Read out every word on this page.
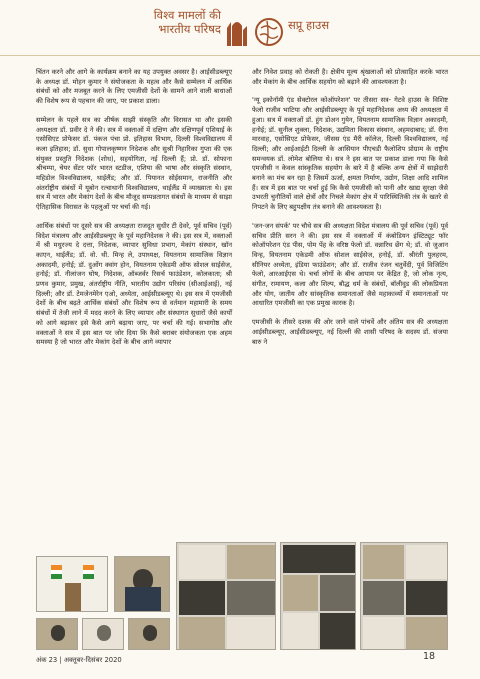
विश्व मामलों की
भारतीय परिषद	सप्रू हाउस

चिंतन करने और आगे के कार्यक्रम बनाने का यह उपयुक्त अवसर है। आईसीडब्ल्यूए के अध्यक्ष डॉ. मोहन कुमार ने संयोजकता के महत्व और कैसे सम्मेलन में आर्थिक संबंधों को और मजबूत करने के लिए एमजीसी देशों के सामने आने वाली बाधाओं की विशेष रूप से पहचान की जाए, पर प्रकाश डाला।

सम्मेलन के पहले सत्र का शीर्षक साझी संस्कृति और विरासत था और इसकी अध्यक्षता डॉ. प्रवीर दे ने की। सत्र में वक्ताओं में दक्षिण और दक्षिणपूर्व एशियाई के एसोसिएट प्रोफेसर डॉ. पंकज पंचा प्रो. इतिहास विभाग, दिल्ली विश्वविद्यालय में कला इतिहास; डॉ. सुधा गोपालकृष्णन निदेशक और सुश्री निहारिका गुप्ता की एक संयुक्त प्रस्तुति निदेशक (शोध), सहयोगिता, नई दिल्ली हैं; प्रो. डॉ. सोफाना श्रीचम्पा, चेयर सेंटर फॉर भारत स्टडीज, एशिया की भाषा और संस्कृति संस्थान, महिडोल विश्वविद्यालय, थाईलैंड; और डॉ. पियानत सोईसमान, राजनीति और अंतर्राष्ट्रीय संबंधों में यूबोन रत्चाथानी विश्वविद्यालय, थाईलैंड में व्याख्याता थे। इस सत्र में भारत और मेकांग देशों के बीच मौजूद सम्पन्नतागत संबंधों के माध्यम से साझा ऐतिहासिक विरासत के पहलुओं पर चर्चा की गई।

आर्थिक संबंधों पर दूसरे सत्र की अध्यक्षता राजदूत सुधीर टी देवरे, पूर्व सचिव (पूर्व) विदेश मंत्रालय और आईसीडब्ल्यूए के पूर्व महानिदेशक ने की। इस सत्र में, वक्ताओं में श्री मधुरज्य दे दत्ता, निदेशक, व्यापार सुविधा प्रभाग, मेकांग संस्थान, खॉन काएन, थाईलैंड; डॉ. वो. थी. मिन्ह ले, उपाध्यक्ष, वियतनाम सामाजिक विज्ञान अकादमी, हनोई; डॉ. दुओंग क्वांग होन, वियतनाम एकेडमी ऑफ सोशल साईसेज, हनोई; डॉ. नीलांजन घोष, निदेशक, ऑब्जर्वर रिसर्च फाउंडेशन, कोलकाता; श्री प्रणव कुमार, प्रमुख, अंतर्राष्ट्रीय नीति, भारतीय उद्योग परिसंघ (सीआईआई), नई दिल्ली; और डॉ. टेमजेनमेरेन एओ, अध्येता, आईसीडब्ल्यूए थे। इस सत्र में एमजीसी देशों के बीच बढ़ते आर्थिक संबंधों और विशेष रूप से वर्तमान महामारी के समय संबंधों में तेजी लाने में मदद करने के लिए व्यापार और संस्थागत सुधारों जैसे कार्यों को आगे बढ़ाकर इसे कैसे आगे बढ़ाया जाए, पर चर्चा की गई। सभागोष्ठ और वक्ताओं ने सत्र में इस बात पर जोर दिया कि कैसे बराबर संयोजकता एक अहम समस्या है जो भारत और मेकांग देशों के बीच आगे व्यापार

और निवेश प्रवाह को रोकती है। क्षेत्रीय मूल्य श्रृंखलाओं को प्रोत्साहित करके भारत और मेकांग के बीच आर्थिक सहयोग को बढ़ाने की आवश्यकता है।

'न्यू इकोनॉमी एंड सेक्टोरल कोऑपरेशन' पर तीसरा सत्र- गेटवे हाउस के विशिष्ट फेलो राजीव भाटिया और आईसीडब्ल्यूए के पूर्व महानिदेशक अध्य की अध्यक्षता में हुआ। सत्र में वक्ताओं डॉ. हुंग डोअन गुयेन, वियतनाम सामाजिक विज्ञान अकादमी, हनोई; डॉ. सुनील शुक्ला, निदेशक, उद्यमिता विकास संस्थान, अहमदाबाद; डॉ. रीना मारवाह, एसोसिएट प्रोफेसर, जीसस एंड मैरी कॉलेज, दिल्ली विश्वविद्यालय, नई दिल्ली; और आईआईटी दिल्ली के आसियान पीएचडी फैलोशिप प्रोग्राम के राष्ट्रीय समन्वयक डॉ. लोमेश बोलिया थे। सत्र ने इस बात पर प्रकाश डाला गया कि कैसे एमजीसी न केवल सांस्कृतिक सहयोग के बारे में है बल्कि अन्य क्षेत्रों में साझेदारी बनाने का मंच बन रहा है जिसमें ऊर्जा, क्षमता निर्माण, उद्योग, शिक्षा आदि शामिल हैं। सत्र में इस बात पर चर्चा हुई कि कैसे एमजीसी को पानी और खाद्य सुरक्षा जैसे उभरती चुनौतियों वाले क्षेत्रों और निचले मेकांग क्षेत्र में पारिस्थितिकी तंत्र के खतरे से निपटने के लिए बहुपक्षीय तंत्र बनाने की आवश्यकता है।

'जन-जन संपर्क' पर चौथे सत्र की अध्यक्षता विदेश मंत्रालय की पूर्व सचिव (पूर्व) पूर्व सचिव प्रीति सरन ने की। इस सत्र में वक्ताओं में कंबोडियन इंस्टिट्यूट फॉर कोऑपरेशन एंड पीस, पोम पेंह के वरिष्ठ फेलो डॉ. वन्नारिथ छेंग थे; डॉ. वो जुआन विन्ह, वियतनाम एकेडमी ऑफ सोशल साईसेज, हनोई, डॉ. श्रीरंती पुलहरम, सीनियर अध्येता, इंडिया फाउंडेशन; और डॉ. राजीव रंजन चतुर्वेदी, पूर्व विजिटिंग फेलो, आरआईएस थे। चर्चा लोगों के बीच आयाम पर केंद्रित है, जो लोक नृत्य, संगीत, रामायण, कला और शिल्प, बौद्ध धर्म के संबंधों, बॉलीवुड की लोकप्रियता और योग, जातीय और सांस्कृतिक समानताओं जैसे महाकाव्यों में समानताओं पर आधारित एमजीसी का एक प्रमुख कारक है।

एमजीसी के तीसरे दशक की ओर जाने वाले पांचवें और अंतिम सत्र की अध्यक्षता आईसीडब्ल्यूए, आईसीडब्ल्यूए, नई दिल्ली की शासी परिषद के सदस्य डॉ. संजया बारु ने

अंक 23 | अक्तूबर-दिसंबर 2020	18
